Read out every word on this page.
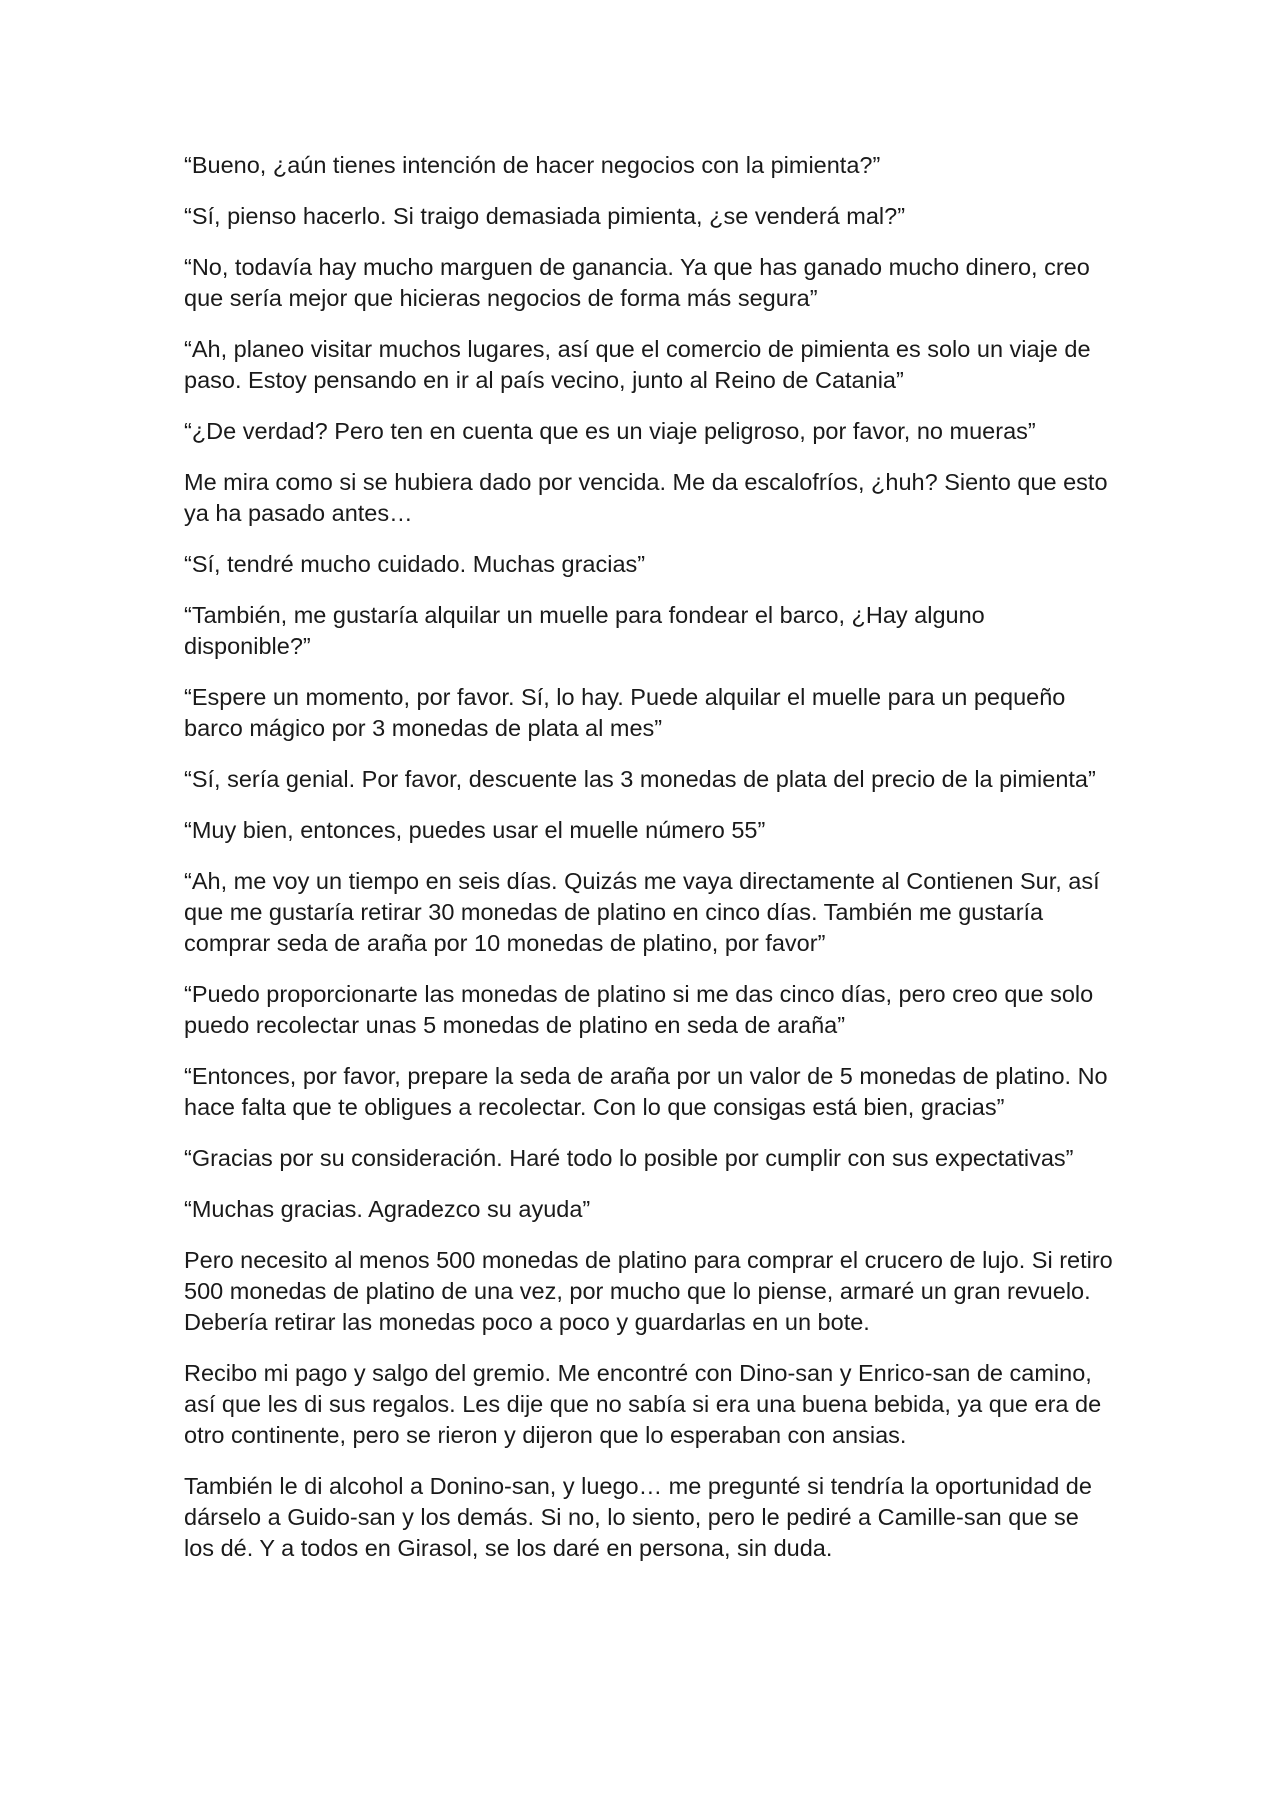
“Bueno, ¿aún tienes intención de hacer negocios con la pimienta?”

“Sí, pienso hacerlo. Si traigo demasiada pimienta, ¿se venderá mal?”

“No, todavía hay mucho marguen de ganancia. Ya que has ganado mucho dinero, creo que sería mejor que hicieras negocios de forma más segura”

“Ah, planeo visitar muchos lugares, así que el comercio de pimienta es solo un viaje de paso. Estoy pensando en ir al país vecino, junto al Reino de Catania”

“¿De verdad? Pero ten en cuenta que es un viaje peligroso, por favor, no mueras”

Me mira como si se hubiera dado por vencida. Me da escalofríos, ¿huh? Siento que esto ya ha pasado antes…

“Sí, tendré mucho cuidado. Muchas gracias”

“También, me gustaría alquilar un muelle para fondear el barco, ¿Hay alguno disponible?”

“Espere un momento, por favor. Sí, lo hay. Puede alquilar el muelle para un pequeño barco mágico por 3 monedas de plata al mes”

“Sí, sería genial. Por favor, descuente las 3 monedas de plata del precio de la pimienta”

“Muy bien, entonces, puedes usar el muelle número 55”

“Ah, me voy un tiempo en seis días. Quizás me vaya directamente al Contienen Sur, así que me gustaría retirar 30 monedas de platino en cinco días. También me gustaría comprar seda de araña por 10 monedas de platino, por favor”

“Puedo proporcionarte las monedas de platino si me das cinco días, pero creo que solo puedo recolectar unas 5 monedas de platino en seda de araña”

“Entonces, por favor, prepare la seda de araña por un valor de 5 monedas de platino. No hace falta que te obligues a recolectar. Con lo que consigas está bien, gracias”

“Gracias por su consideración. Haré todo lo posible por cumplir con sus expectativas”

“Muchas gracias. Agradezco su ayuda”

Pero necesito al menos 500 monedas de platino para comprar el crucero de lujo. Si retiro 500 monedas de platino de una vez, por mucho que lo piense, armaré un gran revuelo. Debería retirar las monedas poco a poco y guardarlas en un bote.

Recibo mi pago y salgo del gremio. Me encontré con Dino-san y Enrico-san de camino, así que les di sus regalos. Les dije que no sabía si era una buena bebida, ya que era de otro continente, pero se rieron y dijeron que lo esperaban con ansias.

También le di alcohol a Donino-san, y luego… me pregunté si tendría la oportunidad de dárselo a Guido-san y los demás. Si no, lo siento, pero le pediré a Camille-san que se los dé. Y a todos en Girasol, se los daré en persona, sin duda.
